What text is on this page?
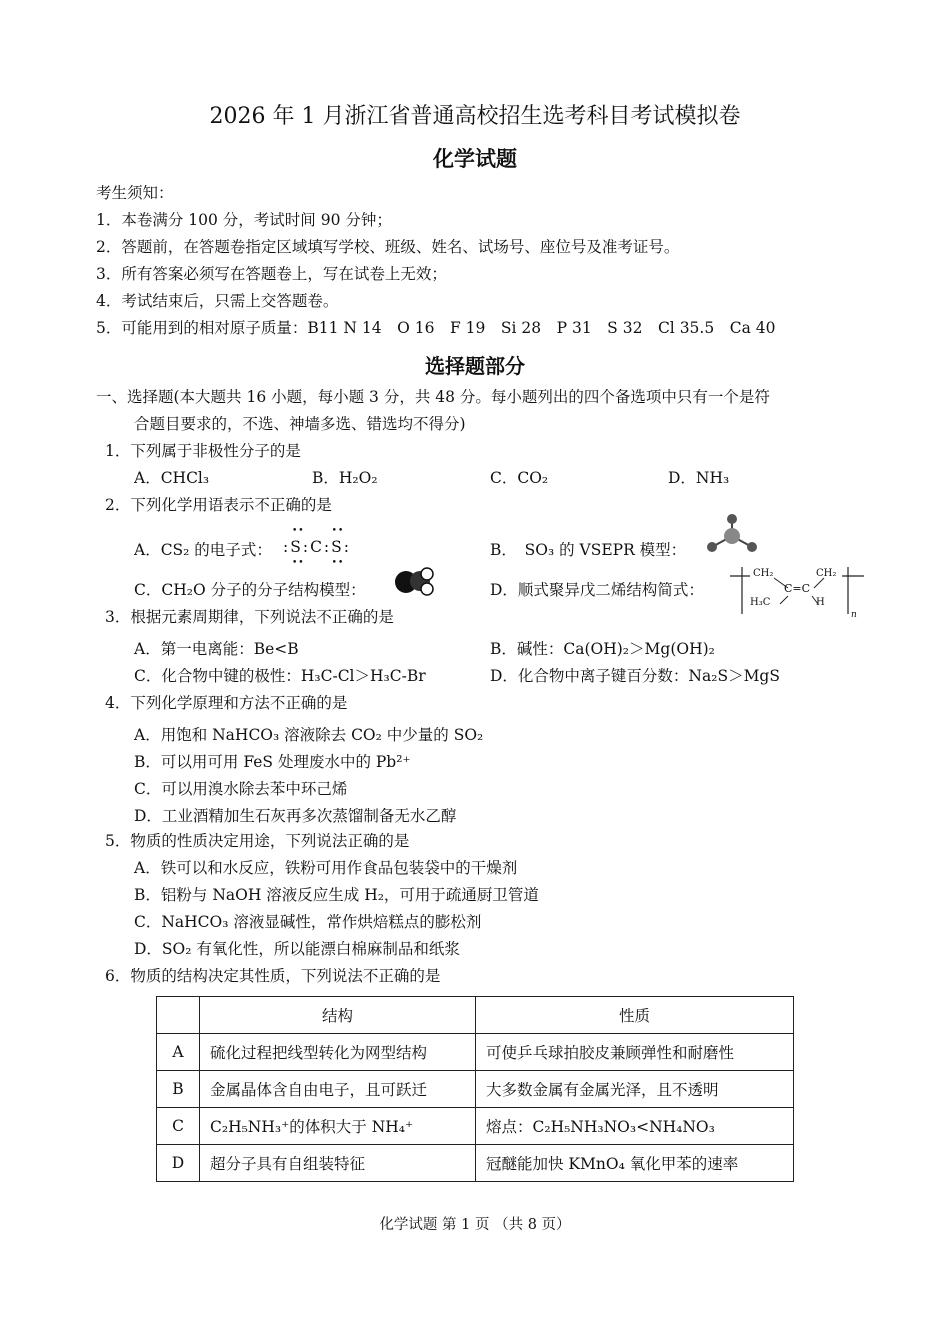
2026 年 1 月浙江省普通高校招生选考科目考试模拟卷
化学试题
考生须知：
1．本卷满分 100 分，考试时间 90 分钟；
2．答题前，在答题卷指定区域填写学校、班级、姓名、试场号、座位号及准考证号。
3．所有答案必须写在答题卷上，写在试卷上无效；
4．考试结束后，只需上交答题卷。
5．可能用到的相对原子质量：B11 N 14　O 16　F 19　Si 28　P 31　S 32　Cl 35.5　Ca 40
选择题部分
一、选择题(本大题共 16 小题，每小题 3 分，共 48 分。每小题列出的四个备选项中只有一个是符
合题目要求的，不选、神墙多选、错选均不得分)
1．下列属于非极性分子的是
A．CHCl₃	B．H₂O₂	C．CO₂	D．NH₃
2．下列化学用语表示不正确的是
A．CS₂ 的电子式： :S:C:S:
••       ••
••       ••
B．　SO₃ 的 VSEPR 模型：
C．CH₂O 分子的分子结构模型：	D．顺式聚异戊二烯结构简式：
CH₂	CH₂
C=C
H₃C	H
n
3．根据元素周期律，下列说法不正确的是
A．第一电离能：Be<B	B．碱性：Ca(OH)₂＞Mg(OH)₂
C．化合物中键的极性：H₃C-Cl＞H₃C-Br	D．化合物中离子键百分数：Na₂S＞MgS
4．下列化学原理和方法不正确的是
A．用饱和 NaHCO₃ 溶液除去 CO₂ 中少量的 SO₂
B．可以用可用 FeS 处理废水中的 Pb²⁺
C．可以用溴水除去苯中环己烯
D．工业酒精加生石灰再多次蒸馏制备无水乙醇
5．物质的性质决定用途，下列说法正确的是
A．铁可以和水反应，铁粉可用作食品包装袋中的干燥剂
B．铝粉与 NaOH 溶液反应生成 H₂，可用于疏通厨卫管道
C．NaHCO₃ 溶液显碱性，常作烘焙糕点的膨松剂
D．SO₂ 有氧化性，所以能漂白棉麻制品和纸浆
6．物质的结构决定其性质，下列说法不正确的是
	结构	性质
A	硫化过程把线型转化为网型结构	可使乒乓球拍胶皮兼顾弹性和耐磨性
B	金属晶体含自由电子，且可跃迁	大多数金属有金属光泽，且不透明
C	C₂H₅NH₃⁺的体积大于 NH₄⁺	熔点：C₂H₅NH₃NO₃<NH₄NO₃
D	超分子具有自组装特征	冠醚能加快 KMnO₄ 氧化甲苯的速率
化学试题 第 1 页 （共 8 页）
